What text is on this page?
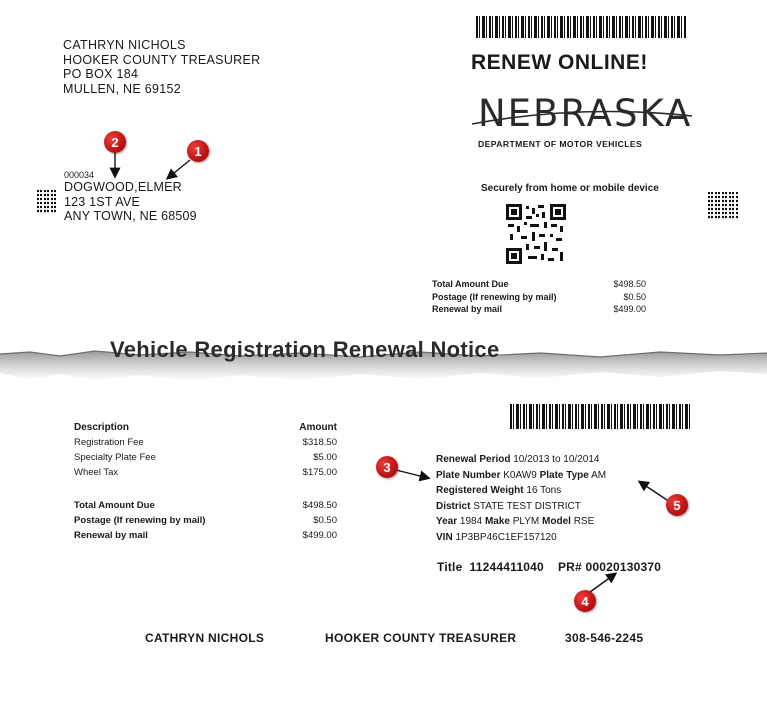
CATHRYN NICHOLS
HOOKER COUNTY TREASURER
PO BOX 184
MULLEN, NE 69152
000034
DOGWOOD,ELMER
123 1ST AVE
ANY TOWN, NE 68509
RENEW ONLINE!
NEBRASKA
DEPARTMENT OF MOTOR VEHICLES
Securely from home or mobile device
Total Amount Due	$498.50
Postage (If renewing by mail)	$0.50
Renewal by mail	$499.00
Vehicle Registration Renewal Notice
Description	Amount
Registration Fee	$318.50
Specialty Plate Fee	$5.00
Wheel Tax	$175.00
Total Amount Due	$498.50
Postage (If renewing by mail)	$0.50
Renewal by mail	$499.00
Renewal Period 10/2013 to 10/2014
Plate Number K0AW9 Plate Type AM
Registered Weight 16 Tons
District STATE TEST DISTRICT
Year 1984 Make PLYM Model RSE
VIN 1P3BP46C1EF157120
Title 11244411040 PR# 00020130370
CATHRYN NICHOLS	HOOKER COUNTY TREASURER	308-546-2245
1
2
3
4
5
